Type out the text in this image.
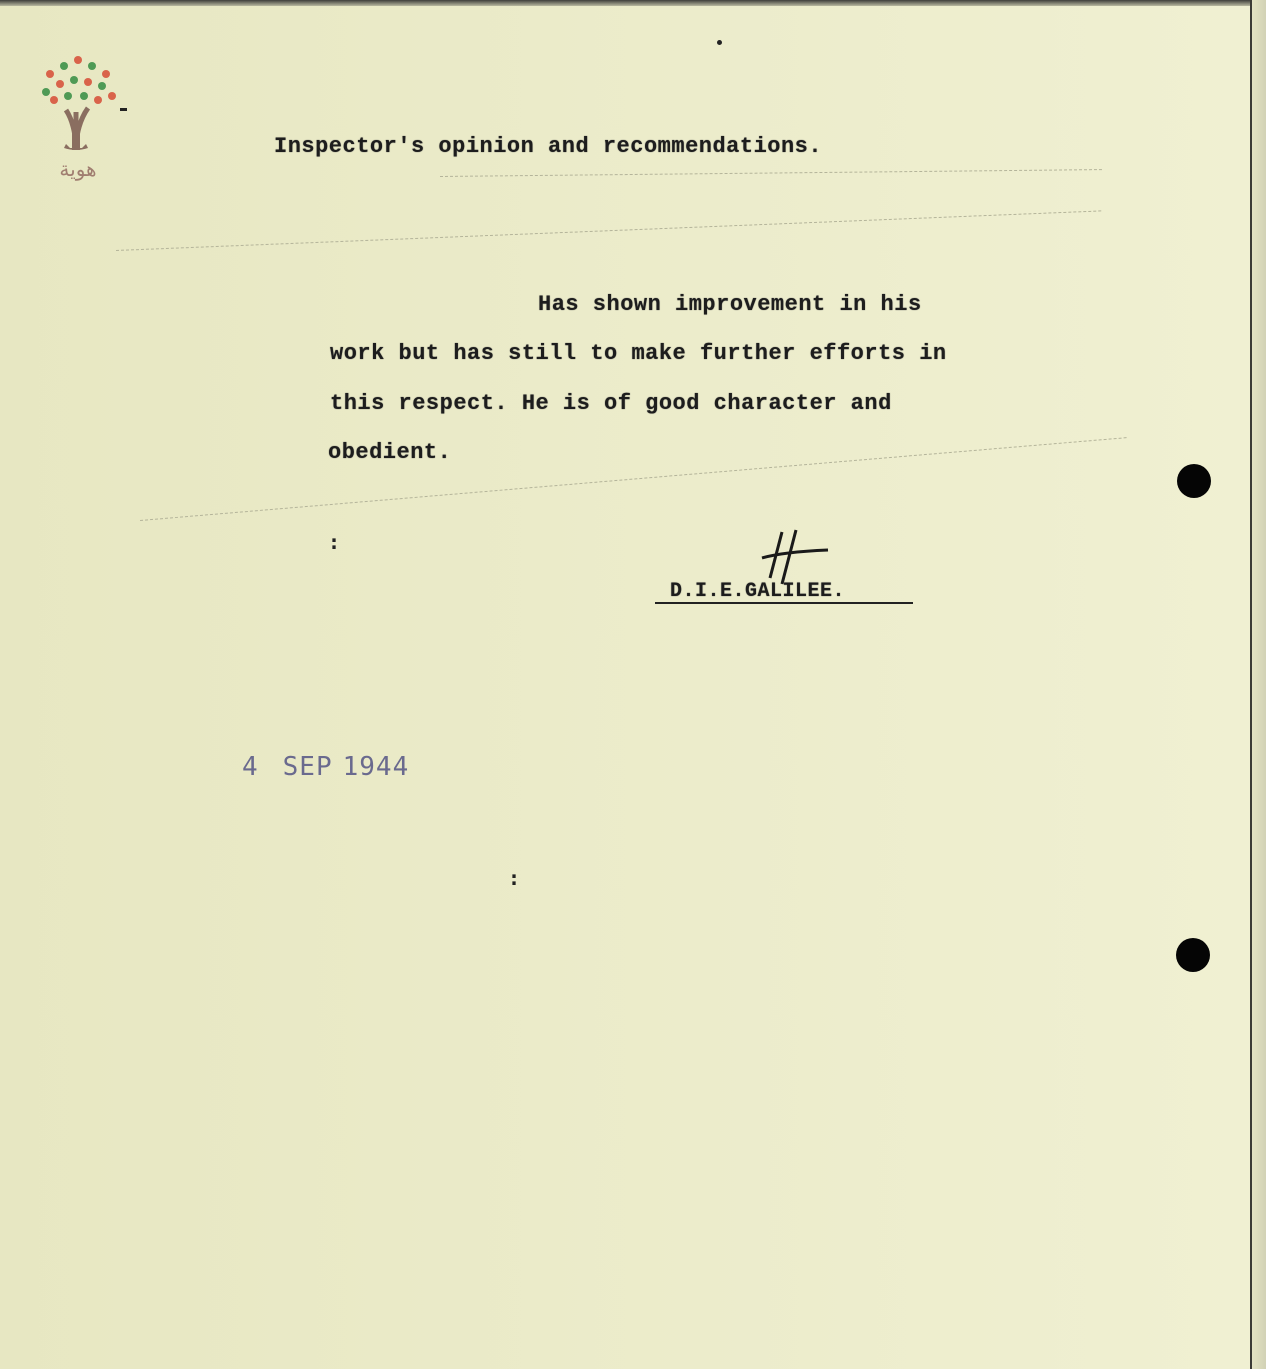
هوية
Inspector's opinion and recommendations.
Has shown improvement in his
work but has still to make further efforts in
this respect. He is of good character and
obedient.
:
:
D.I.E.GALILEE.
4 SEP 1944
